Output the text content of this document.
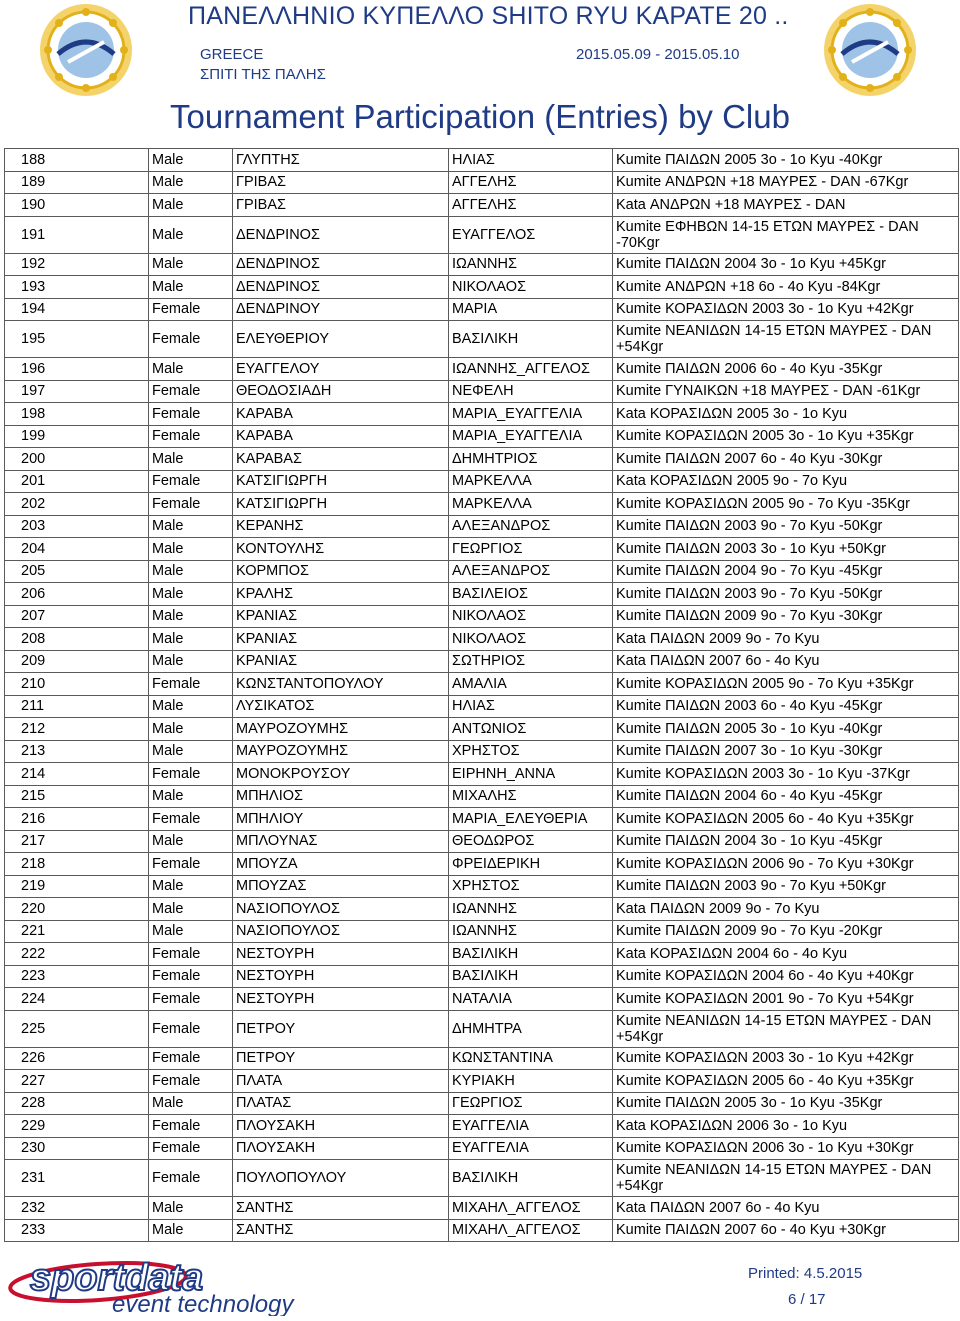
ΠΑΝΕΛΛΗΝΙΟ ΚΥΠΕΛΛΟ SHITO RYU ΚΑΡΑΤΕ 20 ..
GREECE
ΣΠΙΤΙ ΤΗΣ ΠΑΛΗΣ
2015.05.09 - 2015.05.10
Tournament Participation (Entries) by Club
188	Male	ΓΛΥΠΤΗΣ	ΗΛΙΑΣ	Kumite ΠΑΙΔΩΝ 2005 3ο - 1ο Kyu -40Kgr
189	Male	ΓΡΙΒΑΣ	ΑΓΓΕΛΗΣ	Kumite ΑΝΔΡΩΝ +18 ΜΑΥΡΕΣ - DAN -67Kgr
190	Male	ΓΡΙΒΑΣ	ΑΓΓΕΛΗΣ	Kata ΑΝΔΡΩΝ +18 ΜΑΥΡΕΣ - DAN
191	Male	ΔΕΝΔΡΙΝΟΣ	ΕΥΑΓΓΕΛΟΣ	Kumite ΕΦΗΒΩΝ 14-15 ΕΤΩΝ ΜΑΥΡΕΣ - DAN -70Kgr
192	Male	ΔΕΝΔΡΙΝΟΣ	ΙΩΑΝΝΗΣ	Kumite ΠΑΙΔΩΝ 2004 3ο - 1ο Kyu +45Kgr
193	Male	ΔΕΝΔΡΙΝΟΣ	ΝΙΚΟΛΑΟΣ	Kumite ΑΝΔΡΩΝ +18 6ο - 4ο Kyu -84Kgr
194	Female	ΔΕΝΔΡΙΝΟΥ	ΜΑΡΙΑ	Kumite ΚΟΡΑΣΙΔΩΝ 2003 3ο - 1ο Kyu +42Kgr
195	Female	ΕΛΕΥΘΕΡΙΟΥ	ΒΑΣΙΛΙΚΗ	Kumite ΝΕΑΝΙΔΩΝ 14-15 ΕΤΩΝ ΜΑΥΡΕΣ - DAN +54Kgr
196	Male	ΕΥΑΓΓΕΛΟΥ	ΙΩΑΝΝΗΣ_ΑΓΓΕΛΟΣ	Kumite ΠΑΙΔΩΝ 2006 6ο - 4ο Kyu -35Kgr
197	Female	ΘΕΟΔΟΣΙΑΔΗ	ΝΕΦΕΛΗ	Kumite ΓΥΝΑΙΚΩΝ +18 ΜΑΥΡΕΣ - DAN -61Kgr
198	Female	ΚΑΡΑΒΑ	ΜΑΡΙΑ_ΕΥΑΓΓΕΛΙΑ	Kata ΚΟΡΑΣΙΔΩΝ 2005 3ο - 1ο Kyu
199	Female	ΚΑΡΑΒΑ	ΜΑΡΙΑ_ΕΥΑΓΓΕΛΙΑ	Kumite ΚΟΡΑΣΙΔΩΝ 2005 3ο - 1ο Kyu +35Kgr
200	Male	ΚΑΡΑΒΑΣ	ΔΗΜΗΤΡΙΟΣ	Kumite ΠΑΙΔΩΝ 2007 6ο - 4ο Kyu -30Kgr
201	Female	ΚΑΤΣΙΓΙΩΡΓΗ	ΜΑΡΚΕΛΛΑ	Kata ΚΟΡΑΣΙΔΩΝ 2005 9ο - 7ο Kyu
202	Female	ΚΑΤΣΙΓΙΩΡΓΗ	ΜΑΡΚΕΛΛΑ	Kumite ΚΟΡΑΣΙΔΩΝ 2005 9ο - 7ο Kyu -35Kgr
203	Male	ΚΕΡΑΝΗΣ	ΑΛΕΞΑΝΔΡΟΣ	Kumite ΠΑΙΔΩΝ 2003 9ο - 7ο Kyu -50Kgr
204	Male	ΚΟΝΤΟΥΛΗΣ	ΓΕΩΡΓΙΟΣ	Kumite ΠΑΙΔΩΝ 2003 3ο - 1ο Kyu +50Kgr
205	Male	ΚΟΡΜΠΟΣ	ΑΛΕΞΑΝΔΡΟΣ	Kumite ΠΑΙΔΩΝ 2004 9ο - 7ο Kyu -45Kgr
206	Male	ΚΡΑΛΗΣ	ΒΑΣΙΛΕΙΟΣ	Kumite ΠΑΙΔΩΝ 2003 9ο - 7ο Kyu -50Kgr
207	Male	ΚΡΑΝΙΑΣ	ΝΙΚΟΛΑΟΣ	Kumite ΠΑΙΔΩΝ 2009 9ο - 7ο Kyu -30Kgr
208	Male	ΚΡΑΝΙΑΣ	ΝΙΚΟΛΑΟΣ	Kata ΠΑΙΔΩΝ 2009 9ο - 7ο Kyu
209	Male	ΚΡΑΝΙΑΣ	ΣΩΤΗΡΙΟΣ	Kata ΠΑΙΔΩΝ 2007 6ο - 4ο Kyu
210	Female	ΚΩΝΣΤΑΝΤΟΠΟΥΛΟΥ	ΑΜΑΛΙΑ	Kumite ΚΟΡΑΣΙΔΩΝ 2005 9ο - 7ο Kyu +35Kgr
211	Male	ΛΥΣΙΚΑΤΟΣ	ΗΛΙΑΣ	Kumite ΠΑΙΔΩΝ 2003 6ο - 4ο Kyu -45Kgr
212	Male	ΜΑΥΡΟΖΟΥΜΗΣ	ΑΝΤΩΝΙΟΣ	Kumite ΠΑΙΔΩΝ 2005 3ο - 1ο Kyu -40Kgr
213	Male	ΜΑΥΡΟΖΟΥΜΗΣ	ΧΡΗΣΤΟΣ	Kumite ΠΑΙΔΩΝ 2007 3ο - 1ο Kyu -30Kgr
214	Female	ΜΟΝΟΚΡΟΥΣΟΥ	ΕΙΡΗΝΗ_ΑΝΝΑ	Kumite ΚΟΡΑΣΙΔΩΝ 2003 3ο - 1ο Kyu -37Kgr
215	Male	ΜΠΗΛΙΟΣ	ΜΙΧΑΛΗΣ	Kumite ΠΑΙΔΩΝ 2004 6ο - 4ο Kyu -45Kgr
216	Female	ΜΠΗΛΙΟΥ	ΜΑΡΙΑ_ΕΛΕΥΘΕΡΙΑ	Kumite ΚΟΡΑΣΙΔΩΝ 2005 6ο - 4ο Kyu +35Kgr
217	Male	ΜΠΛΟΥΝΑΣ	ΘΕΟΔΩΡΟΣ	Kumite ΠΑΙΔΩΝ 2004 3ο - 1ο Kyu -45Kgr
218	Female	ΜΠΟΥΖΑ	ΦΡΕΙΔΕΡΙΚΗ	Kumite ΚΟΡΑΣΙΔΩΝ 2006 9ο - 7ο Kyu +30Kgr
219	Male	ΜΠΟΥΖΑΣ	ΧΡΗΣΤΟΣ	Kumite ΠΑΙΔΩΝ 2003 9ο - 7ο Kyu +50Kgr
220	Male	ΝΑΣΙΟΠΟΥΛΟΣ	ΙΩΑΝΝΗΣ	Kata ΠΑΙΔΩΝ 2009 9ο - 7ο Kyu
221	Male	ΝΑΣΙΟΠΟΥΛΟΣ	ΙΩΑΝΝΗΣ	Kumite ΠΑΙΔΩΝ 2009 9ο - 7ο Kyu -20Kgr
222	Female	ΝΕΣΤΟΥΡΗ	ΒΑΣΙΛΙΚΗ	Kata ΚΟΡΑΣΙΔΩΝ 2004 6ο - 4ο Kyu
223	Female	ΝΕΣΤΟΥΡΗ	ΒΑΣΙΛΙΚΗ	Kumite ΚΟΡΑΣΙΔΩΝ 2004 6ο - 4ο Kyu +40Kgr
224	Female	ΝΕΣΤΟΥΡΗ	ΝΑΤΑΛΙΑ	Kumite ΚΟΡΑΣΙΔΩΝ 2001 9ο - 7ο Kyu +54Kgr
225	Female	ΠΕΤΡΟΥ	ΔΗΜΗΤΡΑ	Kumite ΝΕΑΝΙΔΩΝ 14-15 ΕΤΩΝ ΜΑΥΡΕΣ - DAN +54Kgr
226	Female	ΠΕΤΡΟΥ	ΚΩΝΣΤΑΝΤΙΝΑ	Kumite ΚΟΡΑΣΙΔΩΝ 2003 3ο - 1ο Kyu +42Kgr
227	Female	ΠΛΑΤΑ	ΚΥΡΙΑΚΗ	Kumite ΚΟΡΑΣΙΔΩΝ 2005 6ο - 4ο Kyu +35Kgr
228	Male	ΠΛΑΤΑΣ	ΓΕΩΡΓΙΟΣ	Kumite ΠΑΙΔΩΝ 2005 3ο - 1ο Kyu -35Kgr
229	Female	ΠΛΟΥΣΑΚΗ	ΕΥΑΓΓΕΛΙΑ	Kata ΚΟΡΑΣΙΔΩΝ 2006 3ο - 1ο Kyu
230	Female	ΠΛΟΥΣΑΚΗ	ΕΥΑΓΓΕΛΙΑ	Kumite ΚΟΡΑΣΙΔΩΝ 2006 3ο - 1ο Kyu +30Kgr
231	Female	ΠΟΥΛΟΠΟΥΛΟΥ	ΒΑΣΙΛΙΚΗ	Kumite ΝΕΑΝΙΔΩΝ 14-15 ΕΤΩΝ ΜΑΥΡΕΣ - DAN +54Kgr
232	Male	ΣΑΝΤΗΣ	ΜΙΧΑΗΛ_ΑΓΓΕΛΟΣ	Kata ΠΑΙΔΩΝ 2007 6ο - 4ο Kyu
233	Male	ΣΑΝΤΗΣ	ΜΙΧΑΗΛ_ΑΓΓΕΛΟΣ	Kumite ΠΑΙΔΩΝ 2007 6ο - 4ο Kyu +30Kgr
sportdata
event technology
Printed: 4.5.2015
6 / 17
